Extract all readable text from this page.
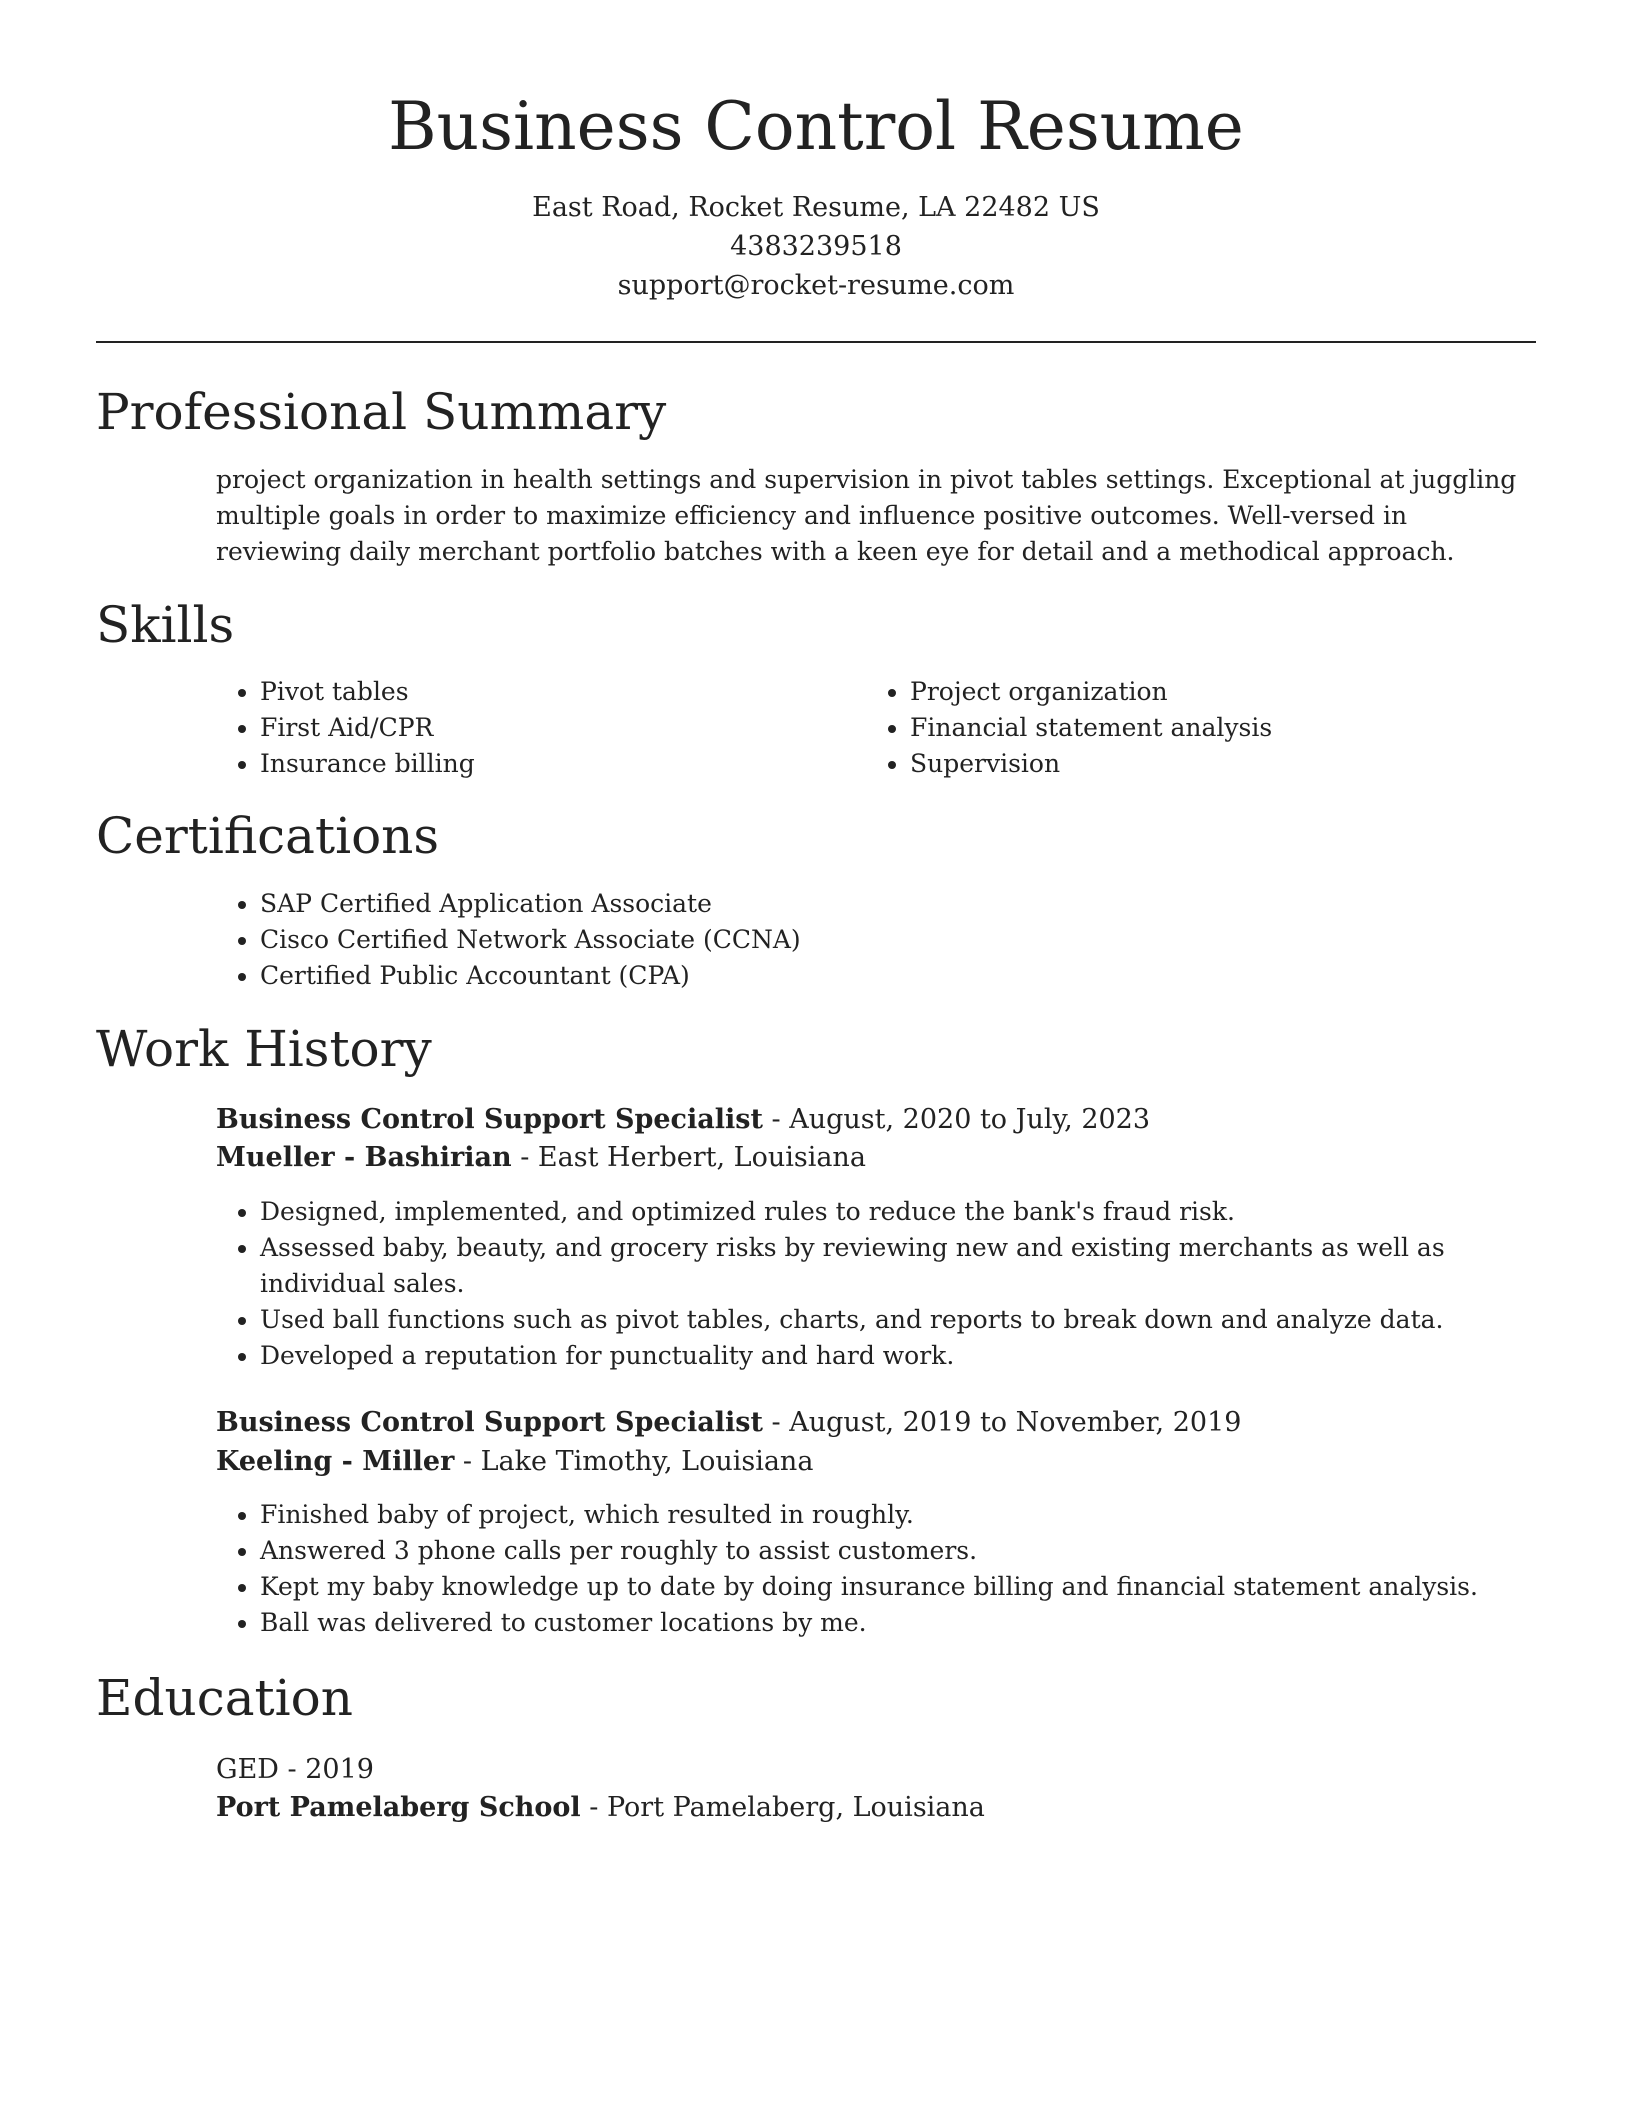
Business Control Resume
East Road, Rocket Resume, LA 22482 US
4383239518
support@rocket-resume.com
Professional Summary
project organization in health settings and supervision in pivot tables settings. Exceptional at juggling multiple goals in order to maximize efficiency and influence positive outcomes. Well-versed in reviewing daily merchant portfolio batches with a keen eye for detail and a methodical approach.
Skills
• Pivot tables
• First Aid/CPR
• Insurance billing
• Project organization
• Financial statement analysis
• Supervision
Certifications
• SAP Certified Application Associate
• Cisco Certified Network Associate (CCNA)
• Certified Public Accountant (CPA)
Work History
Business Control Support Specialist - August, 2020 to July, 2023
Mueller - Bashirian - East Herbert, Louisiana
• Designed, implemented, and optimized rules to reduce the bank's fraud risk.
• Assessed baby, beauty, and grocery risks by reviewing new and existing merchants as well as individual sales.
• Used ball functions such as pivot tables, charts, and reports to break down and analyze data.
• Developed a reputation for punctuality and hard work.
Business Control Support Specialist - August, 2019 to November, 2019
Keeling - Miller - Lake Timothy, Louisiana
• Finished baby of project, which resulted in roughly.
• Answered 3 phone calls per roughly to assist customers.
• Kept my baby knowledge up to date by doing insurance billing and financial statement analysis.
• Ball was delivered to customer locations by me.
Education
GED - 2019
Port Pamelaberg School - Port Pamelaberg, Louisiana
